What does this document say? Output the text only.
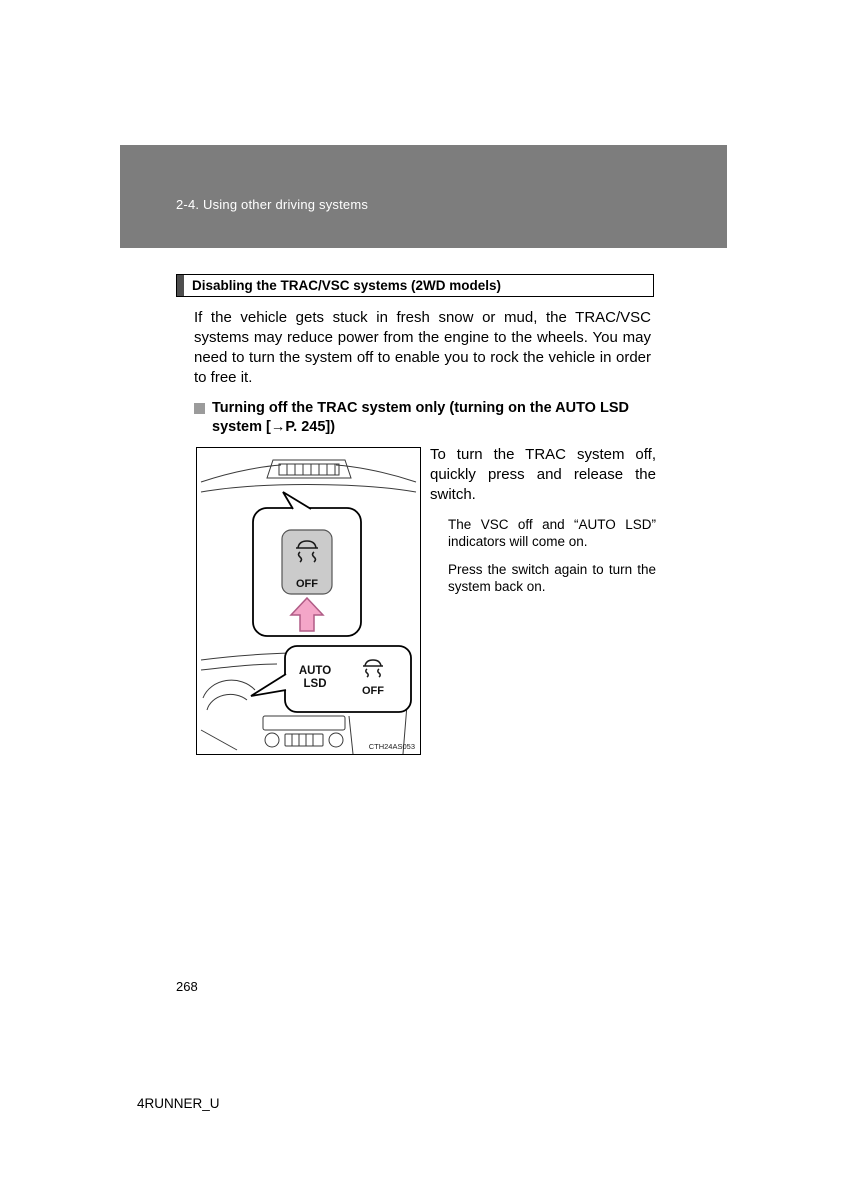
2-4. Using other driving systems
Disabling the TRAC/VSC systems (2WD models)

If the vehicle gets stuck in fresh snow or mud, the TRAC/VSC systems may reduce power from the engine to the wheels. You may need to turn the system off to enable you to rock the vehicle in order to free it.

Turning off the TRAC system only (turning on the AUTO LSD system [→P. 245])
OFF
AUTO
LSD
OFF
CTH24AS053

To turn the TRAC system off, quickly press and release the switch.

The VSC off and “AUTO LSD” indicators will come on.

Press the switch again to turn the system back on.

268
4RUNNER_U
